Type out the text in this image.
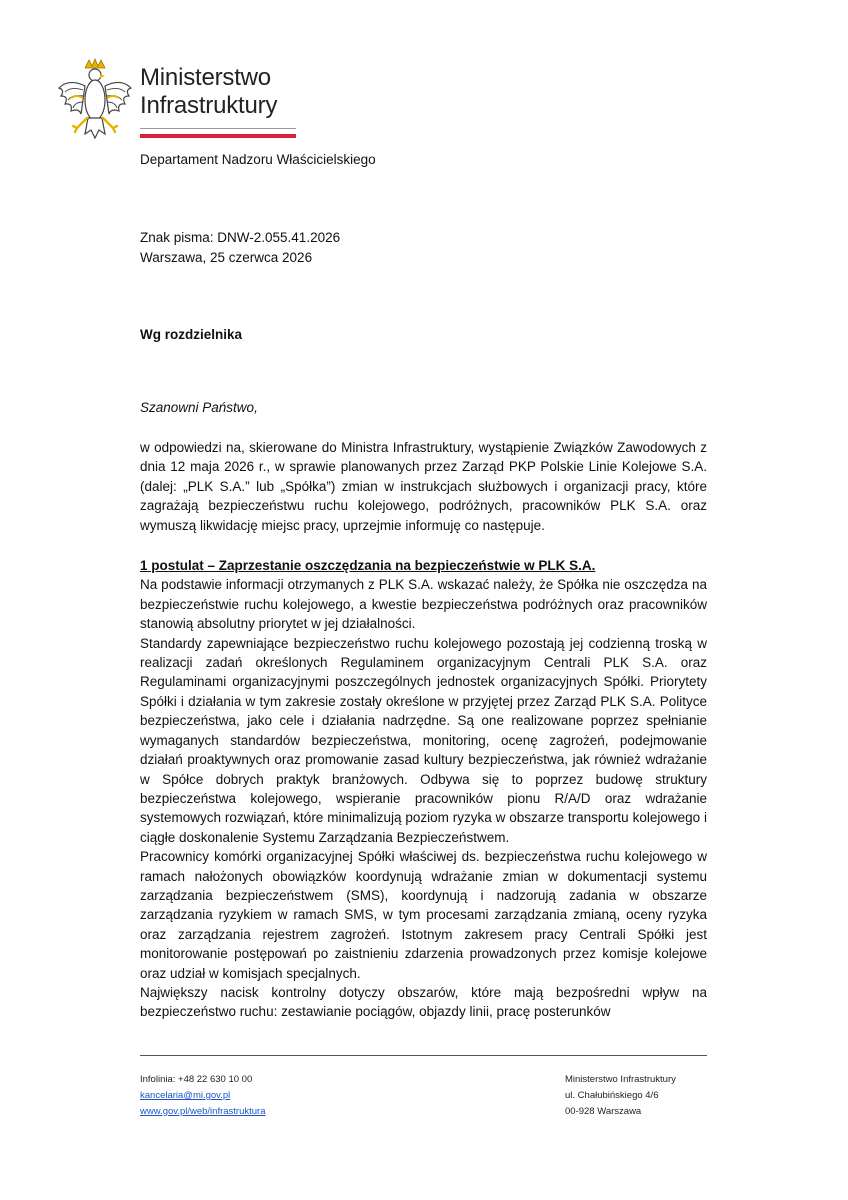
Ministerstwo
Infrastruktury
Departament Nadzoru Właścicielskiego
Znak pisma: DNW-2.055.41.2026
Warszawa, 25 czerwca 2026
Wg rozdzielnika
Szanowni Państwo,

w odpowiedzi na, skierowane do Ministra Infrastruktury, wystąpienie Związków Zawodowych z dnia 12 maja 2026 r., w sprawie planowanych przez Zarząd PKP Polskie Linie Kolejowe S.A. (dalej: „PLK S.A.” lub „Spółka”) zmian w instrukcjach służbowych i organizacji pracy, które zagrażają bezpieczeństwu ruchu kolejowego, podróżnych, pracowników PLK S.A. oraz wymuszą likwidację miejsc pracy, uprzejmie informuję co następuje.

1 postulat – Zaprzestanie oszczędzania na bezpieczeństwie w PLK S.A.

Na podstawie informacji otrzymanych z PLK S.A. wskazać należy, że Spółka nie oszczędza na bezpieczeństwie ruchu kolejowego, a kwestie bezpieczeństwa podróżnych oraz pracowników stanowią absolutny priorytet w jej działalności.

Standardy zapewniające bezpieczeństwo ruchu kolejowego pozostają jej codzienną troską w realizacji zadań określonych Regulaminem organizacyjnym Centrali PLK S.A. oraz Regulaminami organizacyjnymi poszczególnych jednostek organizacyjnych Spółki. Priorytety Spółki i działania w tym zakresie zostały określone w przyjętej przez Zarząd PLK S.A. Polityce bezpieczeństwa, jako cele i działania nadrzędne. Są one realizowane poprzez spełnianie wymaganych standardów bezpieczeństwa, monitoring, ocenę zagrożeń, podejmowanie działań proaktywnych oraz promowanie zasad kultury bezpieczeństwa, jak również wdrażanie w Spółce dobrych praktyk branżowych. Odbywa się to poprzez budowę struktury bezpieczeństwa kolejowego, wspieranie pracowników pionu R/A/D oraz wdrażanie systemowych rozwiązań, które minimalizują poziom ryzyka w obszarze transportu kolejowego i ciągłe doskonalenie Systemu Zarządzania Bezpieczeństwem.

Pracownicy komórki organizacyjnej Spółki właściwej ds. bezpieczeństwa ruchu kolejowego w ramach nałożonych obowiązków koordynują wdrażanie zmian w dokumentacji systemu zarządzania bezpieczeństwem (SMS), koordynują i nadzorują zadania w obszarze zarządzania ryzykiem w ramach SMS, w tym procesami zarządzania zmianą, oceny ryzyka oraz zarządzania rejestrem zagrożeń. Istotnym zakresem pracy Centrali Spółki jest monitorowanie postępowań po zaistnieniu zdarzenia prowadzonych przez komisje kolejowe oraz udział w komisjach specjalnych.

Największy nacisk kontrolny dotyczy obszarów, które mają bezpośredni wpływ na bezpieczeństwo ruchu: zestawianie pociągów, objazdy linii, pracę posterunków

Infolinia: +48 22 630 10 00
kancelaria@mi.gov.pl
www.gov.pl/web/infrastruktura
Ministerstwo Infrastruktury
ul. Chałubińskiego 4/6
00-928 Warszawa
